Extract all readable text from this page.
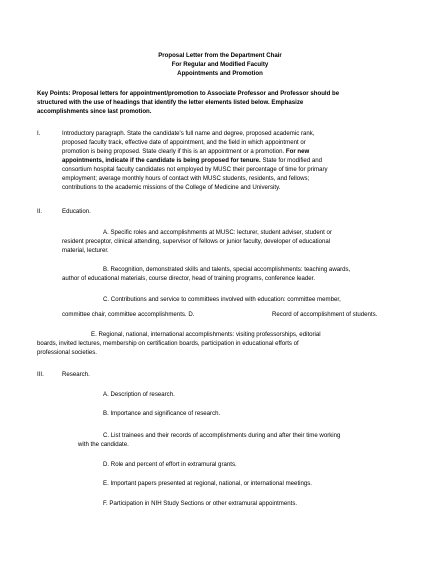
Proposal Letter from the Department Chair
For Regular and Modified Faculty
Appointments and Promotion
Key Points: Proposal letters for appointment/promotion to Associate Professor and Professor should be
structured with the use of headings that identify the letter elements listed below. Emphasize
accomplishments since last promotion.
I.	Introductory paragraph. State the candidate's full name and degree, proposed academic rank,
proposed faculty track, effective date of appointment, and the field in which appointment or
promotion is being proposed. State clearly if this is an appointment or a promotion. For new
appointments, indicate if the candidate is being proposed for tenure. State for modified and
consortium hospital faculty candidates not employed by MUSC their percentage of time for primary
employment; average monthly hours of contact with MUSC students, residents, and fellows;
contributions to the academic missions of the College of Medicine and University.
II.	Education.
A. Specific roles and accomplishments at MUSC: lecturer, student adviser, student or
resident preceptor, clinical attending, supervisor of fellows or junior faculty, developer of educational
material, lecturer.
B. Recognition, demonstrated skills and talents, special accomplishments: teaching awards,
author of educational materials, course director, head of training programs, conference leader.
C. Contributions and service to committees involved with education: committee member,
committee chair, committee accomplishments. D.	Record of accomplishment of students.
E. Regional, national, international accomplishments: visiting professorships, editorial
boards, invited lectures, membership on certification boards, participation in educational efforts of
professional societies.
III.	Research.
A. Description of research.
B. Importance and significance of research.
C. List trainees and their records of accomplishments during and after their time working
with the candidate.
D. Role and percent of effort in extramural grants.
E. Important papers presented at regional, national, or international meetings.
F. Participation in NIH Study Sections or other extramural appointments.
